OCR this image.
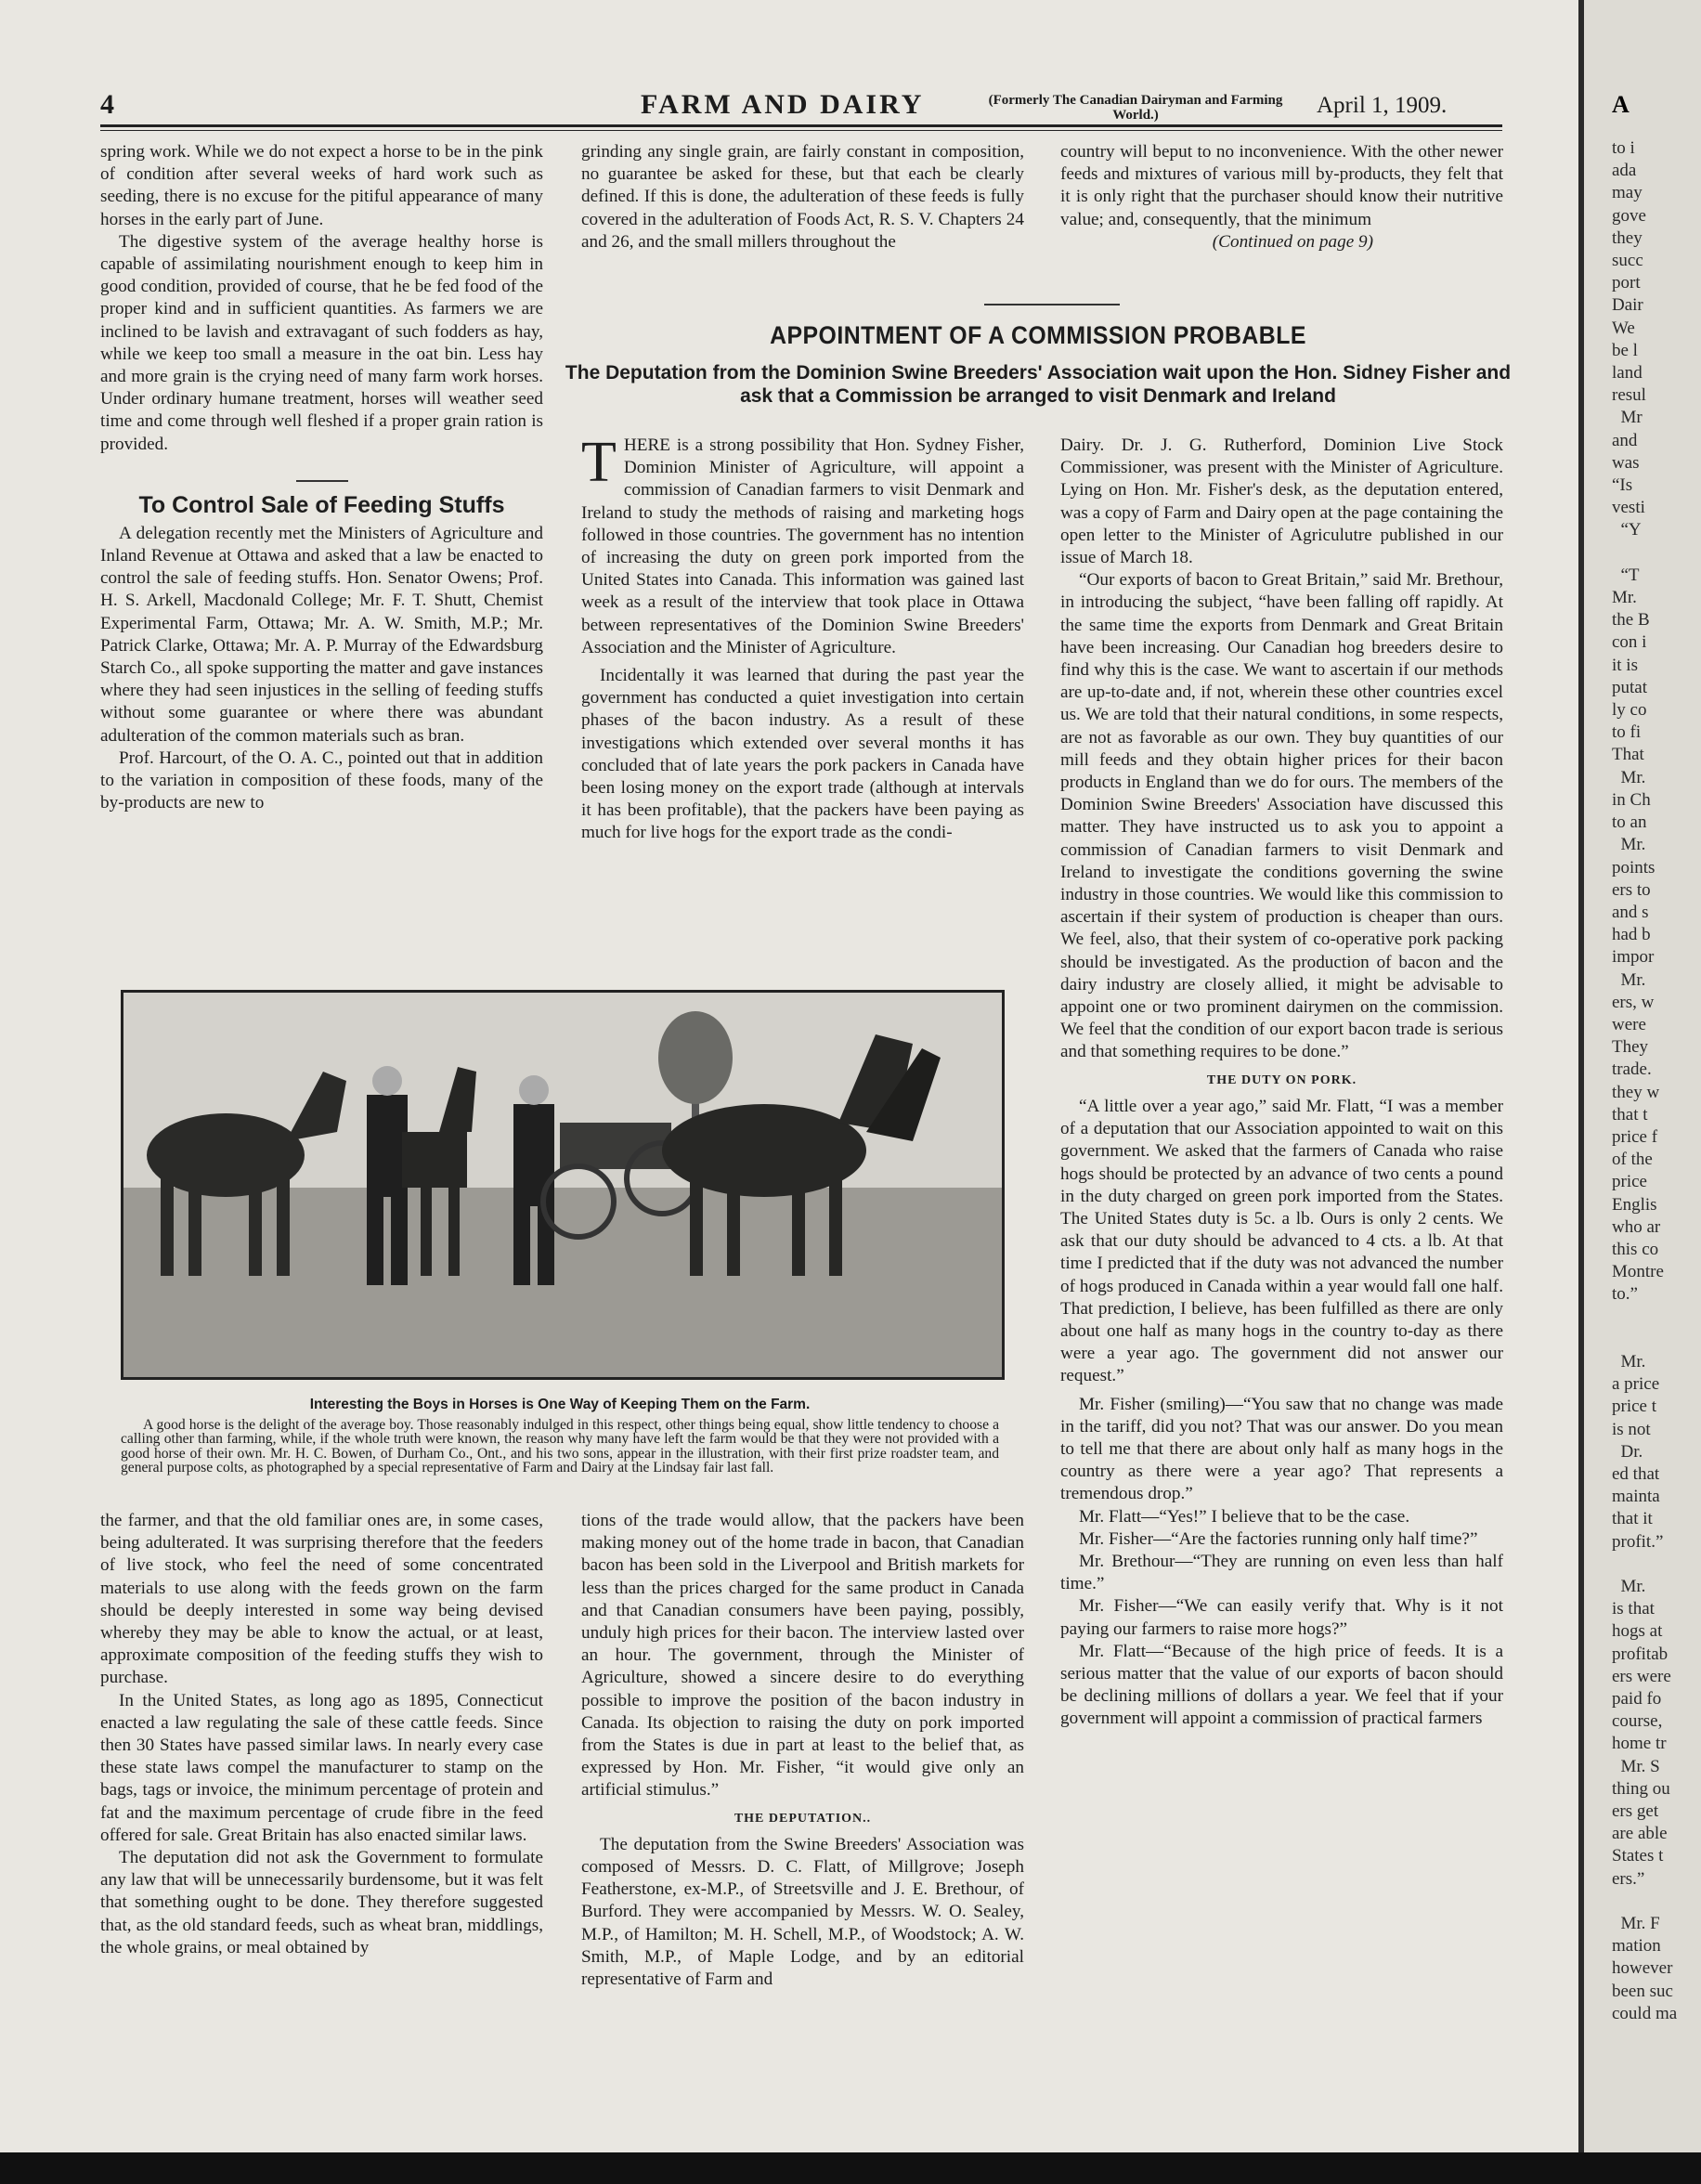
4	FARM AND DAIRY	(Formerly The Canadian Dairyman and Farming World.)	April 1, 1909.

spring work. While we do not expect a horse to be in the pink of condition after several weeks of hard work such as seeding, there is no excuse for the pitiful appearance of many horses in the early part of June.

The digestive system of the average healthy horse is capable of assimilating nourishment enough to keep him in good condition, provided of course, that he be fed food of the proper kind and in sufficient quantities. As farmers we are inclined to be lavish and extravagant of such fodders as hay, while we keep too small a measure in the oat bin. Less hay and more grain is the crying need of many farm work horses. Under ordinary humane treatment, horses will weather seed time and come through well fleshed if a proper grain ration is provided.

To Control Sale of Feeding Stuffs

A delegation recently met the Ministers of Agriculture and Inland Revenue at Ottawa and asked that a law be enacted to control the sale of feeding stuffs. Hon. Senator Owens; Prof. H. S. Arkell, Macdonald College; Mr. F. T. Shutt, Chemist Experimental Farm, Ottawa; Mr. A. W. Smith, M.P.; Mr. Patrick Clarke, Ottawa; Mr. A. P. Murray of the Edwardsburg Starch Co., all spoke supporting the matter and gave instances where they had seen injustices in the selling of feeding stuffs without some guarantee or where there was abundant adulteration of the common materials such as bran.

Prof. Harcourt, of the O. A. C., pointed out that in addition to the variation in composition of these foods, many of the by-products are new to

grinding any single grain, are fairly constant in composition, no guarantee be asked for these, but that each be clearly defined. If this is done, the adulteration of these feeds is fully covered in the adulteration of Foods Act, R. S. V. Chapters 24 and 26, and the small millers throughout the

country will beput to no inconvenience. With the other newer feeds and mixtures of various mill by-products, they felt that it is only right that the purchaser should know their nutritive value; and, consequently, that the minimum

(Continued on page 9)

APPOINTMENT OF A COMMISSION PROBABLE
The Deputation from the Dominion Swine Breeders' Association wait upon the Hon. Sidney Fisher and ask that a Commission be arranged to visit Denmark and Ireland

THERE is a strong possibility that Hon. Sydney Fisher, Dominion Minister of Agriculture, will appoint a commission of Canadian farmers to visit Denmark and Ireland to study the methods of raising and marketing hogs followed in those countries. The government has no intention of increasing the duty on green pork imported from the United States into Canada. This information was gained last week as a result of the interview that took place in Ottawa between representatives of the Dominion Swine Breeders' Association and the Minister of Agriculture.

Incidentally it was learned that during the past year the government has conducted a quiet investigation into certain phases of the bacon industry. As a result of these investigations which extended over several months it has concluded that of late years the pork packers in Canada have been losing money on the export trade (although at intervals it has been profitable), that the packers have been paying as much for live hogs for the export trade as the condi-

Dairy. Dr. J. G. Rutherford, Dominion Live Stock Commissioner, was present with the Minister of Agriculture. Lying on Hon. Mr. Fisher's desk, as the deputation entered, was a copy of Farm and Dairy open at the page containing the open letter to the Minister of Agriculutre published in our issue of March 18.

“Our exports of bacon to Great Britain,” said Mr. Brethour, in introducing the subject, “have been falling off rapidly. At the same time the exports from Denmark and Great Britain have been increasing. Our Canadian hog breeders desire to find why this is the case. We want to ascertain if our methods are up-to-date and, if not, wherein these other countries excel us. We are told that their natural conditions, in some respects, are not as favorable as our own. They buy quantities of our mill feeds and they obtain higher prices for their bacon products in England than we do for ours. The members of the Dominion Swine Breeders' Association have discussed this matter. They have instructed us to ask you to appoint a commission of Canadian farmers to visit Denmark and Ireland to investigate the conditions governing the swine industry in those countries. We would like this commission to ascertain if their system of production is cheaper than ours. We feel, also, that their system of co-operative pork packing should be investigated. As the production of bacon and the dairy industry are closely allied, it might be advisable to appoint one or two prominent dairymen on the commission. We feel that the condition of our export bacon trade is serious and that something requires to be done.”

THE DUTY ON PORK.

“A little over a year ago,” said Mr. Flatt, “I was a member of a deputation that our Association appointed to wait on this government. We asked that the farmers of Canada who raise hogs should be protected by an advance of two cents a pound in the duty charged on green pork imported from the States. The United States duty is 5c. a lb. Ours is only 2 cents. We ask that our duty should be advanced to 4 cts. a lb. At that time I predicted that if the duty was not advanced the number of hogs produced in Canada within a year would fall one half. That prediction, I believe, has been fulfilled as there are only about one half as many hogs in the country to-day as there were a year ago. The government did not answer our request.”

Mr. Fisher (smiling)—“You saw that no change was made in the tariff, did you not? That was our answer. Do you mean to tell me that there are about only half as many hogs in the country as there were a year ago? That represents a tremendous drop.”

Mr. Flatt—“Yes!” I believe that to be the case.

Mr. Fisher—“Are the factories running only half time?”

Mr. Brethour—“They are running on even less than half time.”

Mr. Fisher—“We can easily verify that. Why is it not paying our farmers to raise more hogs?”

Mr. Flatt—“Because of the high price of feeds. It is a serious matter that the value of our exports of bacon should be declining millions of dollars a year. We feel that if your government will appoint a commission of practical farmers

Interesting the Boys in Horses is One Way of Keeping Them on the Farm.
A good horse is the delight of the average boy. Those reasonably indulged in this respect, other things being equal, show little tendency to choose a calling other than farming, while, if the whole truth were known, the reason why many have left the farm would be that they were not provided with a good horse of their own. Mr. H. C. Bowen, of Durham Co., Ont., and his two sons, appear in the illustration, with their first prize roadster team, and general purpose colts, as photographed by a special representative of Farm and Dairy at the Lindsay fair last fall.

the farmer, and that the old familiar ones are, in some cases, being adulterated. It was surprising therefore that the feeders of live stock, who feel the need of some concentrated materials to use along with the feeds grown on the farm should be deeply interested in some way being devised whereby they may be able to know the actual, or at least, approximate composition of the feeding stuffs they wish to purchase.

In the United States, as long ago as 1895, Connecticut enacted a law regulating the sale of these cattle feeds. Since then 30 States have passed similar laws. In nearly every case these state laws compel the manufacturer to stamp on the bags, tags or invoice, the minimum percentage of protein and fat and the maximum percentage of crude fibre in the feed offered for sale. Great Britain has also enacted similar laws.

The deputation did not ask the Government to formulate any law that will be unnecessarily burdensome, but it was felt that something ought to be done. They therefore suggested that, as the old standard feeds, such as wheat bran, middlings, the whole grains, or meal obtained by

tions of the trade would allow, that the packers have been making money out of the home trade in bacon, that Canadian bacon has been sold in the Liverpool and British markets for less than the prices charged for the same product in Canada and that Canadian consumers have been paying, possibly, unduly high prices for their bacon. The interview lasted over an hour. The government, through the Minister of Agriculture, showed a sincere desire to do everything possible to improve the position of the bacon industry in Canada. Its objection to raising the duty on pork imported from the States is due in part at least to the belief that, as expressed by Hon. Mr. Fisher, “it would give only an artificial stimulus.”

THE DEPUTATION..

The deputation from the Swine Breeders' Association was composed of Messrs. D. C. Flatt, of Millgrove; Joseph Featherstone, ex-M.P., of Streetsville and J. E. Brethour, of Burford. They were accompanied by Messrs. W. O. Sealey, M.P., of Hamilton; M. H. Schell, M.P., of Woodstock; A. W. Smith, M.P., of Maple Lodge, and by an editorial representative of Farm and

A
to i
ada
may
gove
they
succ
port
Dair
We
be l
land
resul
Mr
and
was
“Is
vesti
“Y

“T
Mr.
the B
con i
it is
putat
ly co
to fi
That
Mr.
in Ch
to an
Mr.
points
ers to
and s
had b
impor
Mr.
ers, w
were
They
trade.
they w
that t
price f
of the
price
Englis
who ar
this co
Montre
to.”

Mr.
a price
price t
is not
Dr.
ed that
mainta
that it
profit.”

Mr.
is that
hogs at
profitab
ers were
paid fo
course,
home tr
Mr. S
thing ou
ers get
are able
States t
ers.”

Mr. F
mation
however
been suc
could ma
